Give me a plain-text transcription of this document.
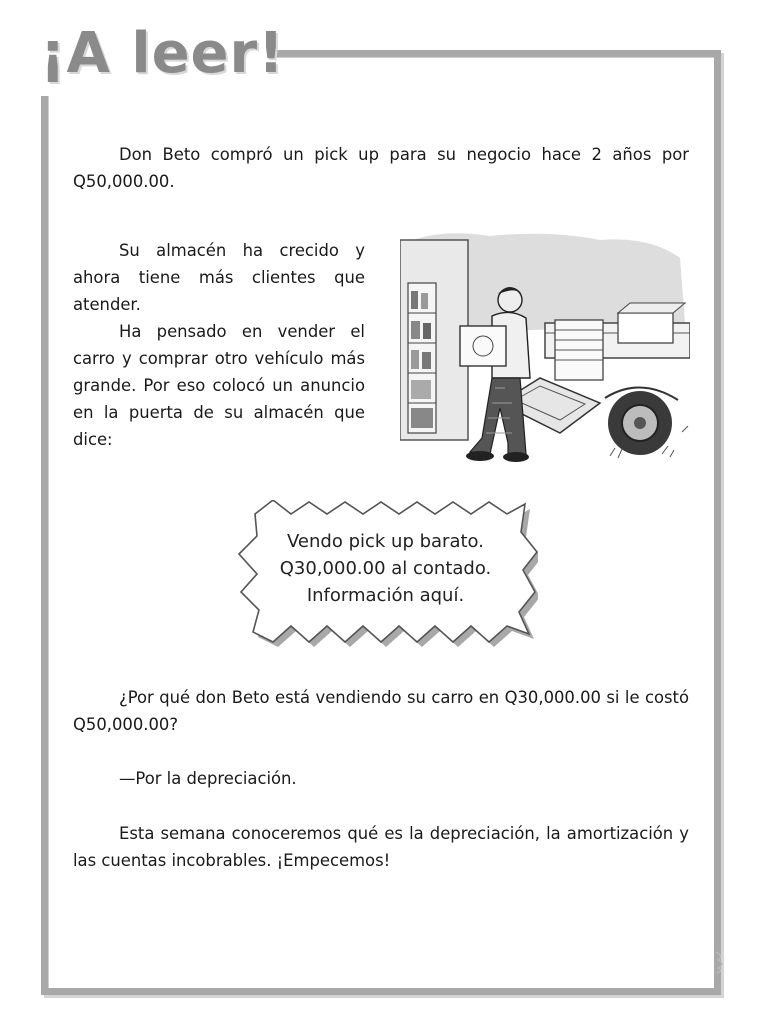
¡A leer!

Don Beto compró un pick up para su negocio hace 2 años por Q50,000.00.

Su almacén ha crecido y ahora tiene más clientes que atender.

Ha pensado en vender el carro y comprar otro vehículo más grande. Por eso colocó un anuncio en la puerta de su almacén que dice:

Vendo pick up barato.
Q30,000.00 al contado.
Información aquí.

¿Por qué don Beto está vendiendo su carro en Q30,000.00 si le costó Q50,000.00?

—Por la depreciación.

Esta semana conoceremos qué es la depreciación, la amortización y las cuentas incobrables. ¡Empecemos!
